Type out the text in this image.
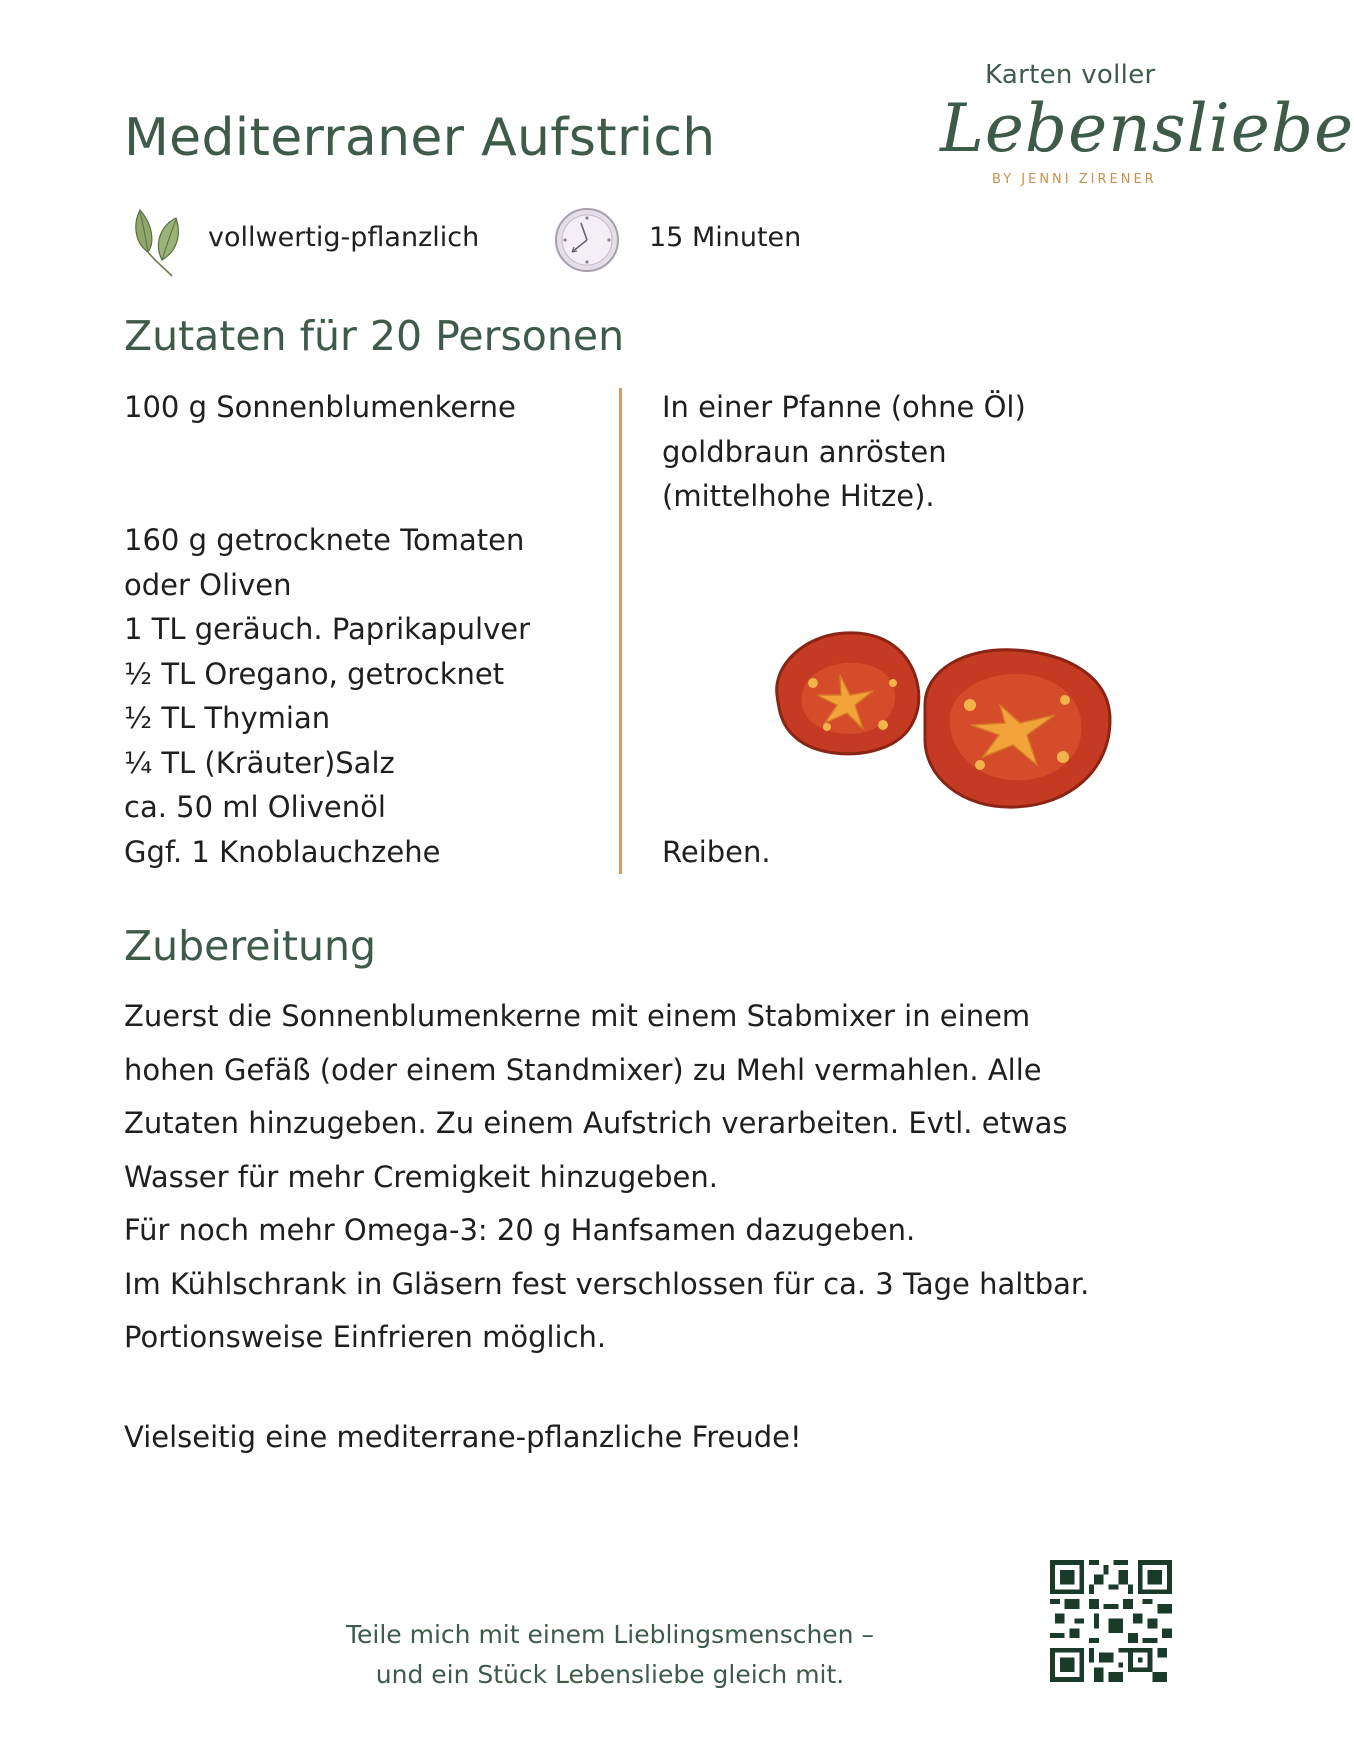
Karten voller
Lebensliebe
BY JENNI ZIRENER
Mediterraner Aufstrich
vollwertig-pflanzlich	15 Minuten
Zutaten für 20 Personen
100 g Sonnenblumenkerne
160 g getrocknete Tomaten
oder Oliven
1 TL geräuch. Paprikapulver
½ TL Oregano, getrocknet
½ TL Thymian
¼ TL (Kräuter)Salz
ca. 50 ml Olivenöl
Ggf. 1 Knoblauchzehe
In einer Pfanne (ohne Öl)
goldbraun anrösten
(mittelhohe Hitze).
Reiben.
Zubereitung
Zuerst die Sonnenblumenkerne mit einem Stabmixer in einem
hohen Gefäß (oder einem Standmixer) zu Mehl vermahlen. Alle
Zutaten hinzugeben. Zu einem Aufstrich verarbeiten. Evtl. etwas
Wasser für mehr Cremigkeit hinzugeben.
Für noch mehr Omega-3: 20 g Hanfsamen dazugeben.
Im Kühlschrank in Gläsern fest verschlossen für ca. 3 Tage haltbar.
Portionsweise Einfrieren möglich.
Vielseitig eine mediterrane-pflanzliche Freude!
Teile mich mit einem Lieblingsmenschen –
und ein Stück Lebensliebe gleich mit.
